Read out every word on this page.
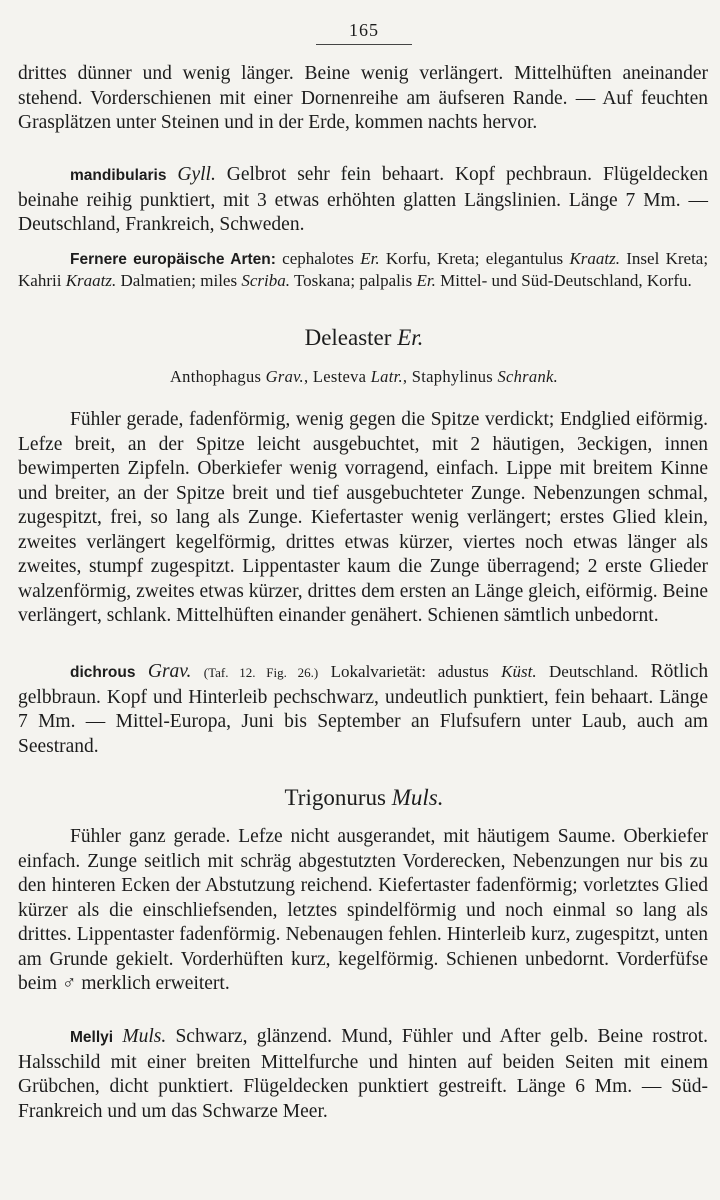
165

drittes dünner und wenig länger. Beine wenig verlängert. Mittelhüften aneinander stehend. Vorderschienen mit einer Dornenreihe am äufseren Rande. — Auf feuchten Grasplätzen unter Steinen und in der Erde, kommen nachts hervor.

mandibularis Gyll. Gelbrot sehr fein behaart. Kopf pechbraun. Flügeldecken beinahe reihig punktiert, mit 3 etwas erhöhten glatten Längslinien. Länge 7 Mm. — Deutschland, Frankreich, Schweden.

Fernere europäische Arten: cephalotes Er. Korfu, Kreta; elegantulus Kraatz. Insel Kreta; Kahrii Kraatz. Dalmatien; miles Scriba. Toskana; palpalis Er. Mittel- und Süd-Deutschland, Korfu.

Deleaster Er.
Anthophagus Grav., Lesteva Latr., Staphylinus Schrank.

Fühler gerade, fadenförmig, wenig gegen die Spitze verdickt; Endglied eiförmig. Lefze breit, an der Spitze leicht ausgebuchtet, mit 2 häutigen, 3eckigen, innen bewimperten Zipfeln. Oberkiefer wenig vorragend, einfach. Lippe mit breitem Kinne und breiter, an der Spitze breit und tief ausgebuchteter Zunge. Nebenzungen schmal, zugespitzt, frei, so lang als Zunge. Kiefertaster wenig verlängert; erstes Glied klein, zweites verlängert kegelförmig, drittes etwas kürzer, viertes noch etwas länger als zweites, stumpf zugespitzt. Lippentaster kaum die Zunge überragend; 2 erste Glieder walzenförmig, zweites etwas kürzer, drittes dem ersten an Länge gleich, eiförmig. Beine verlängert, schlank. Mittelhüften einander genähert. Schienen sämtlich unbedornt.

dichrous Grav. (Taf. 12. Fig. 26.) Lokalvarietät: adustus Küst. Deutschland. Rötlich gelbbraun. Kopf und Hinterleib pechschwarz, undeutlich punktiert, fein behaart. Länge 7 Mm. — Mittel-Europa, Juni bis September an Flufsufern unter Laub, auch am Seestrand.

Trigonurus Muls.

Fühler ganz gerade. Lefze nicht ausgerandet, mit häutigem Saume. Oberkiefer einfach. Zunge seitlich mit schräg abgestutzten Vorderecken, Nebenzungen nur bis zu den hinteren Ecken der Abstutzung reichend. Kiefertaster fadenförmig; vorletztes Glied kürzer als die einschliefsenden, letztes spindelförmig und noch einmal so lang als drittes. Lippentaster fadenförmig. Nebenaugen fehlen. Hinterleib kurz, zugespitzt, unten am Grunde gekielt. Vorderhüften kurz, kegelförmig. Schienen unbedornt. Vorderfüfse beim ♂ merklich erweitert.

Mellyi Muls. Schwarz, glänzend. Mund, Fühler und After gelb. Beine rostrot. Halsschild mit einer breiten Mittelfurche und hinten auf beiden Seiten mit einem Grübchen, dicht punktiert. Flügeldecken punktiert gestreift. Länge 6 Mm. — Süd-Frankreich und um das Schwarze Meer.
